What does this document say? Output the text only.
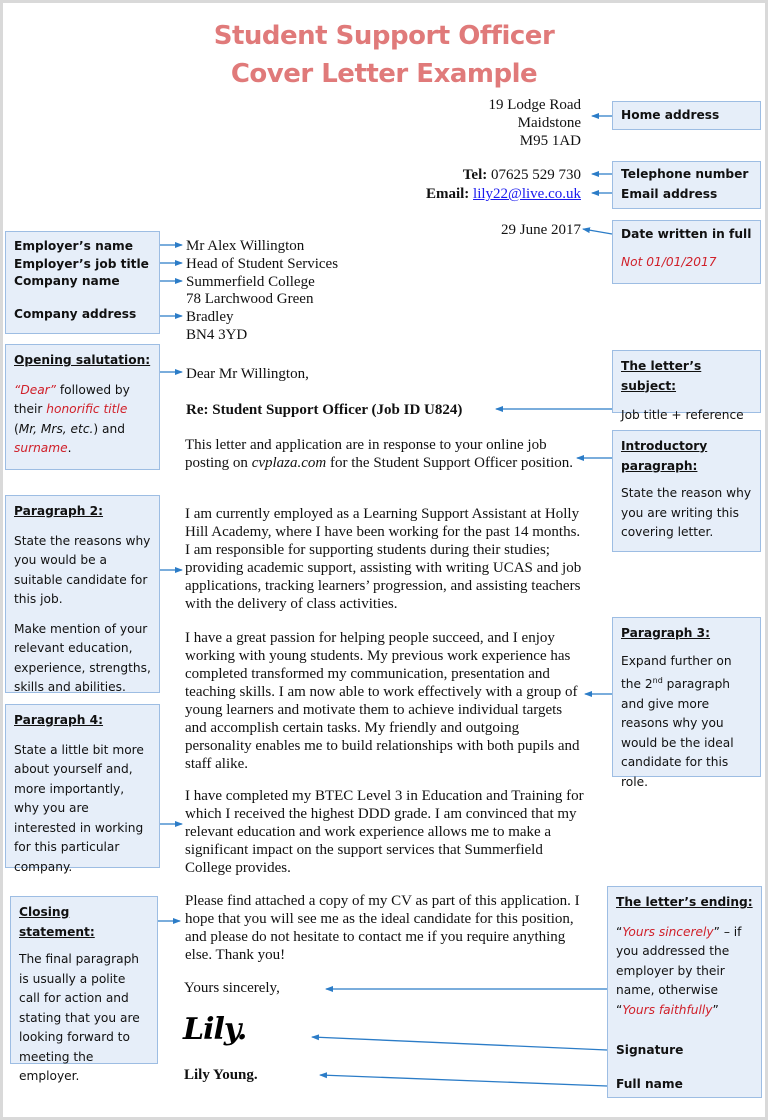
Student Support Officer
Cover Letter Example
19 Lodge Road
Maidstone
M95 1AD
Tel: 07625 529 730
Email: lily22@live.co.uk
29 June 2017
Mr Alex Willington
Head of Student Services
Summerfield College
78 Larchwood Green
Bradley
BN4 3YD
Dear Mr Willington,
Re: Student Support Officer (Job ID U824)
This letter and application are in response to your online job posting on cvplaza.com for the Student Support Officer position.
I am currently employed as a Learning Support Assistant at Holly Hill Academy, where I have been working for the past 14 months. I am responsible for supporting students during their studies; providing academic support, assisting with writing UCAS and job applications, tracking learners’ progression, and assisting teachers with the delivery of class activities.
I have a great passion for helping people succeed, and I enjoy working with young students. My previous work experience has completed transformed my communication, presentation and teaching skills. I am now able to work effectively with a group of young learners and motivate them to achieve individual targets and accomplish certain tasks. My friendly and outgoing personality enables me to build relationships with both pupils and staff alike.
I have completed my BTEC Level 3 in Education and Training for which I received the highest DDD grade. I am convinced that my relevant education and work experience allows me to make a significant impact on the support services that Summerfield College provides.
Please find attached a copy of my CV as part of this application. I hope that you will see me as the ideal candidate for this position, and please do not hesitate to contact me if you require anything else. Thank you!
Yours sincerely,
Lily.
Lily Young.
Home address
Telephone number
Email address
Date written in full
Not 01/01/2017
The letter’s subject:
Job title + reference
Introductory paragraph:
State the reason why you are writing this covering letter.
Paragraph 3:
Expand further on the 2nd paragraph and give more reasons why you would be the ideal candidate for this role.
The letter’s ending:
“Yours sincerely” – if you addressed the employer by their name, otherwise “Yours faithfully”
Signature
Full name
Employer’s name
Employer’s job title
Company name
Company address
Opening salutation:
“Dear” followed by their honorific title (Mr, Mrs, etc.) and surname.
Paragraph 2:
State the reasons why you would be a suitable candidate for this job.
Make mention of your relevant education, experience, strengths, skills and abilities.
Paragraph 4:
State a little bit more about yourself and, more importantly, why you are interested in working for this particular company.
Closing statement:
The final paragraph is usually a polite call for action and stating that you are looking forward to meeting the employer.
